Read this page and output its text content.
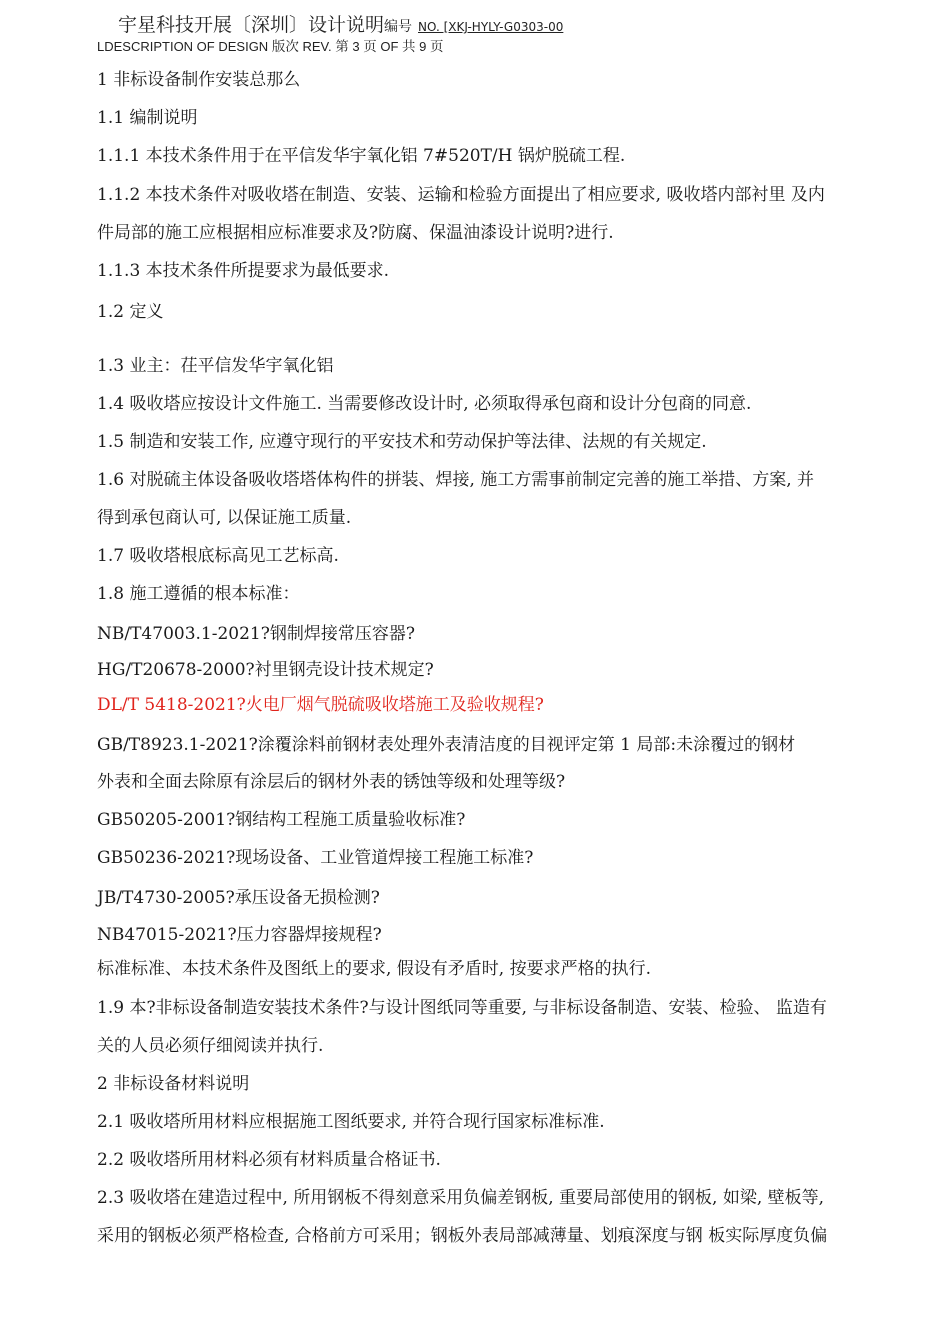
宇星科技开展〔深圳〕设计说明编号 NO. [XKJ-HYLY-G0303-00
LDESCRIPTION OF DESIGN 版次 REV. 第 3 页 OF 共 9 页
1 非标设备制作安装总那么
1.1 编制说明
1.1.1 本技术条件用于在平信发华宇氧化铝 7#520T/H 锅炉脱硫工程.
1.1.2 本技术条件对吸收塔在制造、安装、运输和检验方面提出了相应要求, 吸收塔内部衬里 及内
件局部的施工应根据相应标准要求及?防腐、保温油漆设计说明?进行.
1.1.3 本技术条件所提要求为最低要求.
1.2 定义
1.3 业主：茌平信发华宇氧化铝
1.4 吸收塔应按设计文件施工. 当需要修改设计时, 必须取得承包商和设计分包商的同意.
1.5 制造和安装工作, 应遵守现行的平安技术和劳动保护等法律、法规的有关规定.
1.6 对脱硫主体设备吸收塔塔体构件的拼装、焊接, 施工方需事前制定完善的施工举措、方案, 并
得到承包商认可, 以保证施工质量.
1.7 吸收塔根底标高见工艺标高.
1.8 施工遵循的根本标准：
NB/T47003.1-2021?钢制焊接常压容器?
HG/T20678-2000?衬里钢壳设计技术规定?
DL/T 5418-2021?火电厂烟气脱硫吸收塔施工及验收规程?
GB/T8923.1-2021?涂覆涂料前钢材表处理外表清洁度的目视评定第 1 局部:未涂覆过的钢材
外表和全面去除原有涂层后的钢材外表的锈蚀等级和处理等级?
GB50205-2001?钢结构工程施工质量验收标准?
GB50236-2021?现场设备、工业管道焊接工程施工标准?
JB/T4730-2005?承压设备无损检测?
NB47015-2021?压力容器焊接规程?
标准标准、本技术条件及图纸上的要求, 假设有矛盾时, 按要求严格的执行.
1.9 本?非标设备制造安装技术条件?与设计图纸同等重要, 与非标设备制造、安装、检验、 监造有
关的人员必须仔细阅读并执行.
2 非标设备材料说明
2.1 吸收塔所用材料应根据施工图纸要求, 并符合现行国家标准标准.
2.2 吸收塔所用材料必须有材料质量合格证书.
2.3 吸收塔在建造过程中, 所用钢板不得刻意采用负偏差钢板, 重要局部使用的钢板, 如梁, 壁板等,
采用的钢板必须严格检查, 合格前方可采用；钢板外表局部减薄量、划痕深度与钢 板实际厚度负偏
